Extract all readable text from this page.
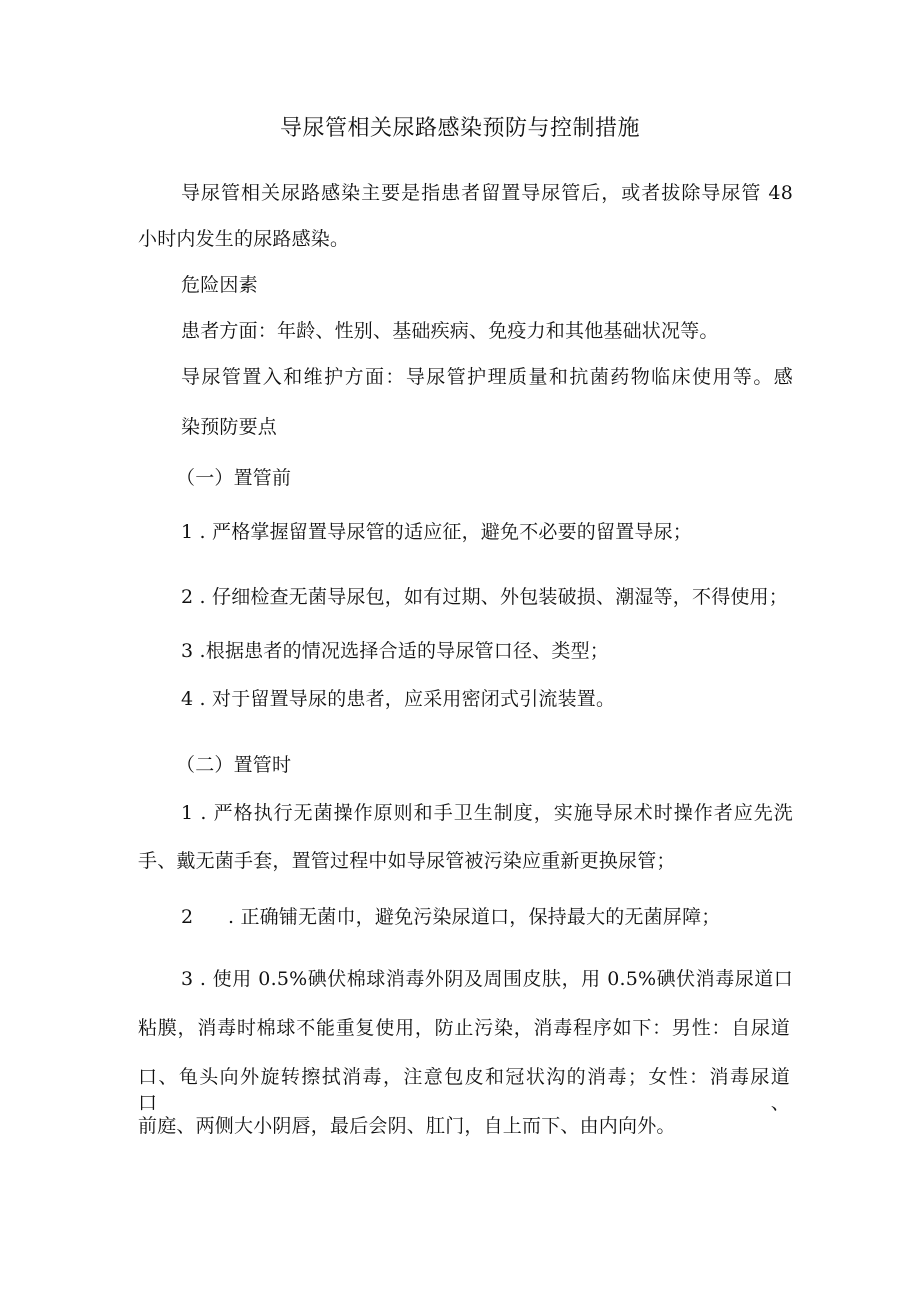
导尿管相关尿路感染预防与控制措施
导尿管相关尿路感染主要是指患者留置导尿管后，或者拔除导尿管 48
小时内发生的尿路感染。
危险因素
患者方面：年龄、性别、基础疾病、免疫力和其他基础状况等。
导尿管置入和维护方面：导尿管护理质量和抗菌药物临床使用等。感
染预防要点
（一）置管前
1 . 严格掌握留置导尿管的适应征，避免不必要的留置导尿；
2 . 仔细检查无菌导尿包，如有过期、外包装破损、潮湿等，不得使用；
3 .根据患者的情况选择合适的导尿管口径、类型；
4 . 对于留置导尿的患者，应采用密闭式引流装置。
（二）置管时
1 . 严格执行无菌操作原则和手卫生制度，实施导尿术时操作者应先洗
手、戴无菌手套，置管过程中如导尿管被污染应重新更换尿管；
2 . 正确铺无菌巾，避免污染尿道口，保持最大的无菌屏障；
3 . 使用 0.5%碘伏棉球消毒外阴及周围皮肤，用 0.5%碘伏消毒尿道口
粘膜，消毒时棉球不能重复使用，防止污染，消毒程序如下：男性：自尿道
口、龟头向外旋转擦拭消毒，注意包皮和冠状沟的消毒；女性：消毒尿道口、
前庭、两侧大小阴唇，最后会阴、肛门，自上而下、由内向外。
